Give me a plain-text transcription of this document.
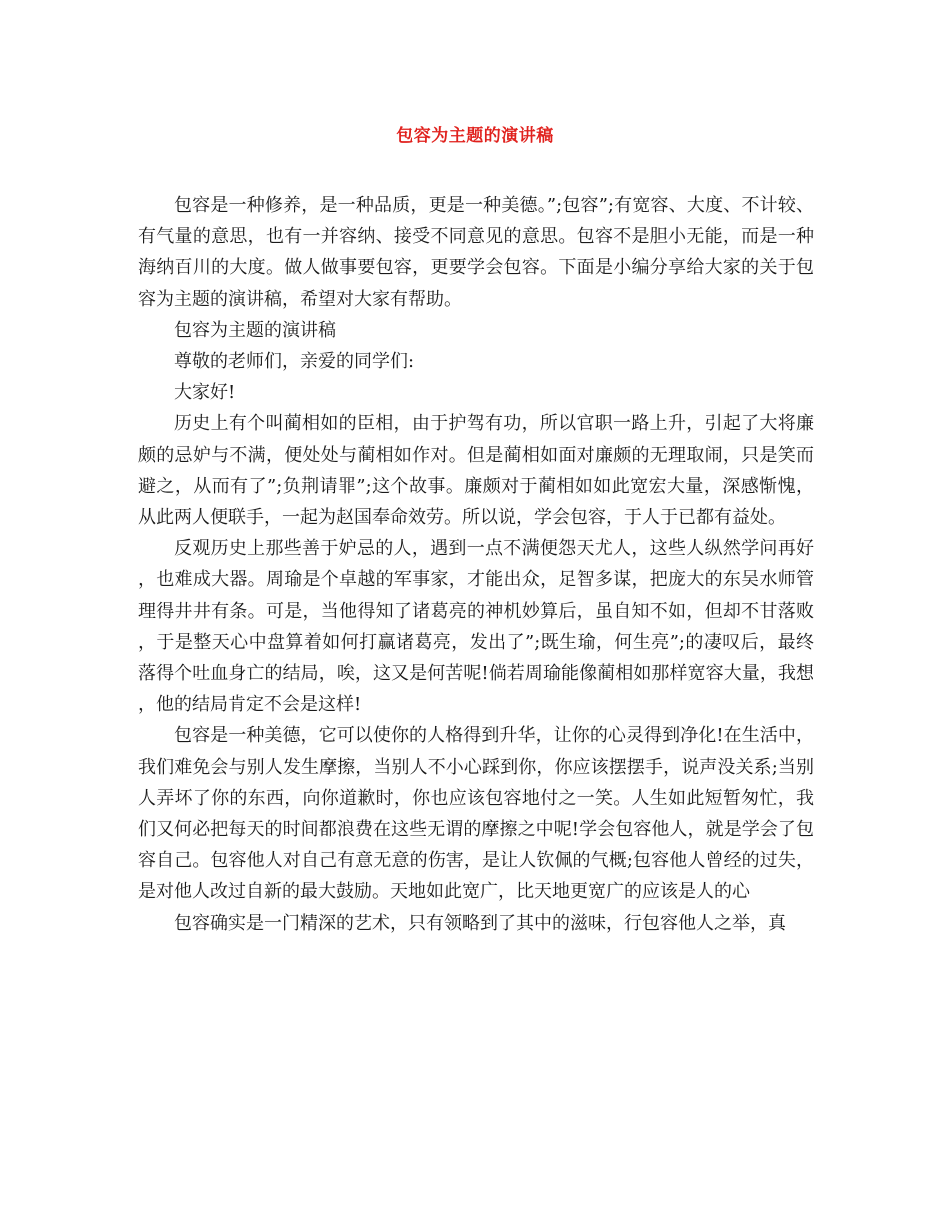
包容为主题的演讲稿

包容是一种修养，是一种品质，更是一种美德。”;包容”;有宽容、大度、不计较、有气量的意思，也有一并容纳、接受不同意见的意思。包容不是胆小无能，而是一种海纳百川的大度。做人做事要包容，更要学会包容。下面是小编分享给大家的关于包容为主题的演讲稿，希望对大家有帮助。

包容为主题的演讲稿

尊敬的老师们，亲爱的同学们:

大家好!

历史上有个叫蔺相如的臣相，由于护驾有功，所以官职一路上升，引起了大将廉颇的忌妒与不满，便处处与蔺相如作对。但是蔺相如面对廉颇的无理取闹，只是笑而避之，从而有了”;负荆请罪”;这个故事。廉颇对于蔺相如如此宽宏大量，深感惭愧，从此两人便联手，一起为赵国奉命效劳。所以说，学会包容，于人于已都有益处。

反观历史上那些善于妒忌的人，遇到一点不满便怨天尤人，这些人纵然学问再好，也难成大器。周瑜是个卓越的军事家，才能出众，足智多谋，把庞大的东吴水师管理得井井有条。可是，当他得知了诸葛亮的神机妙算后，虽自知不如，但却不甘落败，于是整天心中盘算着如何打赢诸葛亮，发出了”;既生瑜，何生亮”;的凄叹后，最终落得个吐血身亡的结局，唉，这又是何苦呢!倘若周瑜能像蔺相如那样宽容大量，我想，他的结局肯定不会是这样!

包容是一种美德，它可以使你的人格得到升华，让你的心灵得到净化!在生活中，我们难免会与别人发生摩擦，当别人不小心踩到你，你应该摆摆手，说声没关系;当别人弄坏了你的东西，向你道歉时，你也应该包容地付之一笑。人生如此短暂匆忙，我们又何必把每天的时间都浪费在这些无谓的摩擦之中呢!学会包容他人，就是学会了包容自己。包容他人对自己有意无意的伤害，是让人钦佩的气概;包容他人曾经的过失，是对他人改过自新的最大鼓励。天地如此宽广，比天地更宽广的应该是人的心

包容确实是一门精深的艺术，只有领略到了其中的滋味，行包容他人之举，真
